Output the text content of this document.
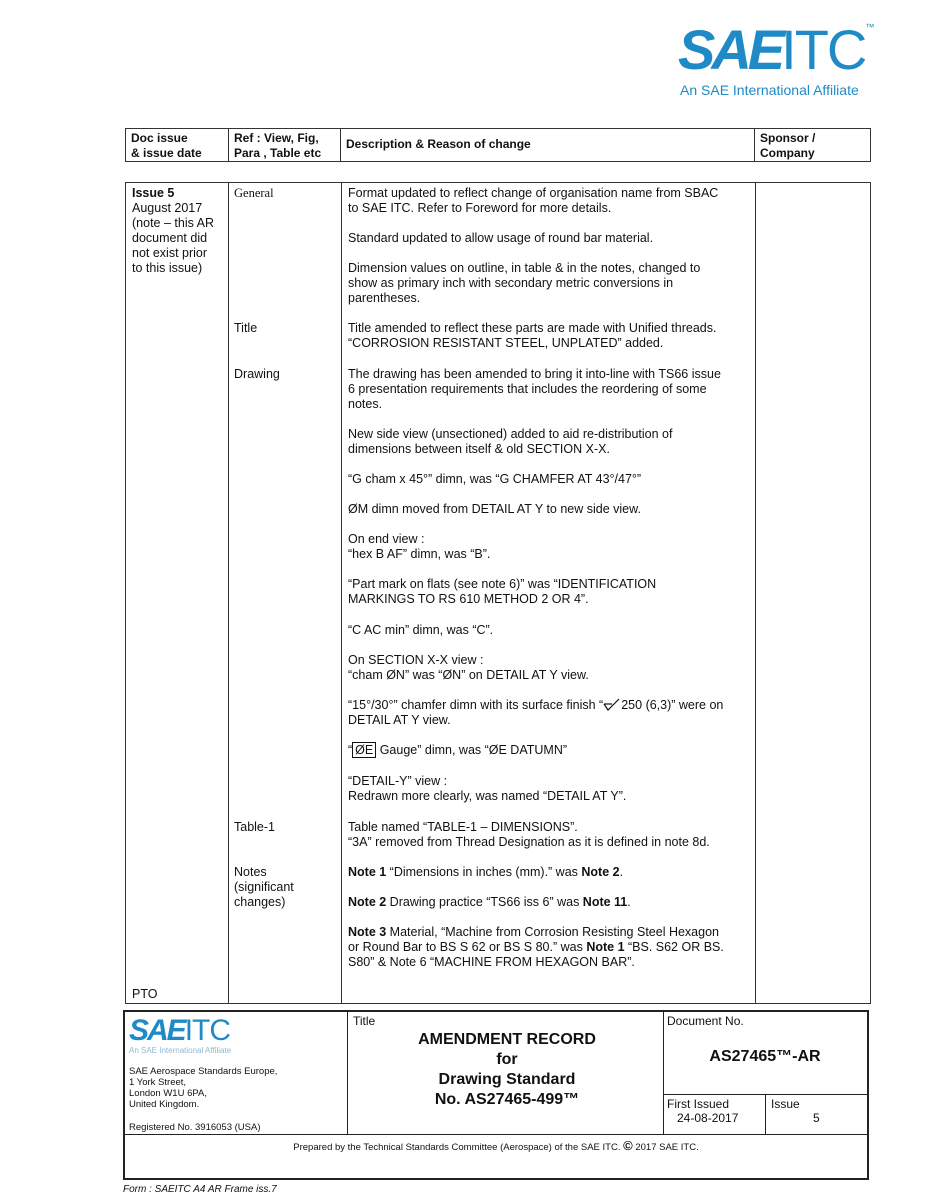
SAEITC™
An SAE International Affiliate
Doc issue
& issue date
Ref : View, Fig,
Para , Table etc
Description & Reason of change	Sponsor /
Company
Issue 5
August 2017
(note – this AR
document did
not exist prior
to this issue)
PTO
General
Title
Drawing
Table-1
Notes
(significant
changes)
Format updated to reflect change of organisation name from SBAC
to SAE ITC. Refer to Foreword for more details.
Standard updated to allow usage of round bar material.
Dimension values on outline, in table & in the notes, changed to
show as primary inch with secondary metric conversions in
parentheses.
Title amended to reflect these parts are made with Unified threads.
“CORROSION RESISTANT STEEL, UNPLATED” added.
The drawing has been amended to bring it into-line with TS66 issue
6 presentation requirements that includes the reordering of some
notes.
New side view (unsectioned) added to aid re-distribution of
dimensions between itself & old SECTION X-X.
“G cham x 45°” dimn, was “G CHAMFER AT 43°/47°”
ØM dimn moved from DETAIL AT Y to new side view.
On end view :
“hex B AF” dimn, was “B”.
“Part mark on flats (see note 6)” was “IDENTIFICATION
MARKINGS TO RS 610 METHOD 2 OR 4”.
“C AC min” dimn, was “C”.
On SECTION X-X view :
“cham ØN” was “ØN” on DETAIL AT Y view.
“15°/30°” chamfer dimn with its surface finish “ 250 (6,3)” were on
DETAIL AT Y view.
“ ØE Gauge” dimn, was “ØE DATUMN”
“DETAIL-Y” view :
Redrawn more clearly, was named “DETAIL AT Y”.
Table named “TABLE-1 – DIMENSIONS”.
“3A” removed from Thread Designation as it is defined in note 8d.
Note 1 “Dimensions in inches (mm).” was Note 2.
Note 2 Drawing practice “TS66 iss 6” was Note 11.
Note 3 Material, “Machine from Corrosion Resisting Steel Hexagon
or Round Bar to BS S 62 or BS S 80.” was Note 1 “BS. S62 OR BS.
S80” & Note 6 “MACHINE FROM HEXAGON BAR”.
SAEITC
An SAE International Affiliate
SAE Aerospace Standards Europe,
1 York Street,
London W1U 6PA,
United Kingdom.
Registered No. 3916053 (USA)
Title
AMENDMENT RECORD
for
Drawing Standard
No. AS27465-499™
Document No.
AS27465™-AR
First Issued
24-08-2017
Issue
5
Prepared by the Technical Standards Committee (Aerospace) of the SAE ITC. © 2017 SAE ITC.
Form : SAEITC A4 AR Frame iss.7
